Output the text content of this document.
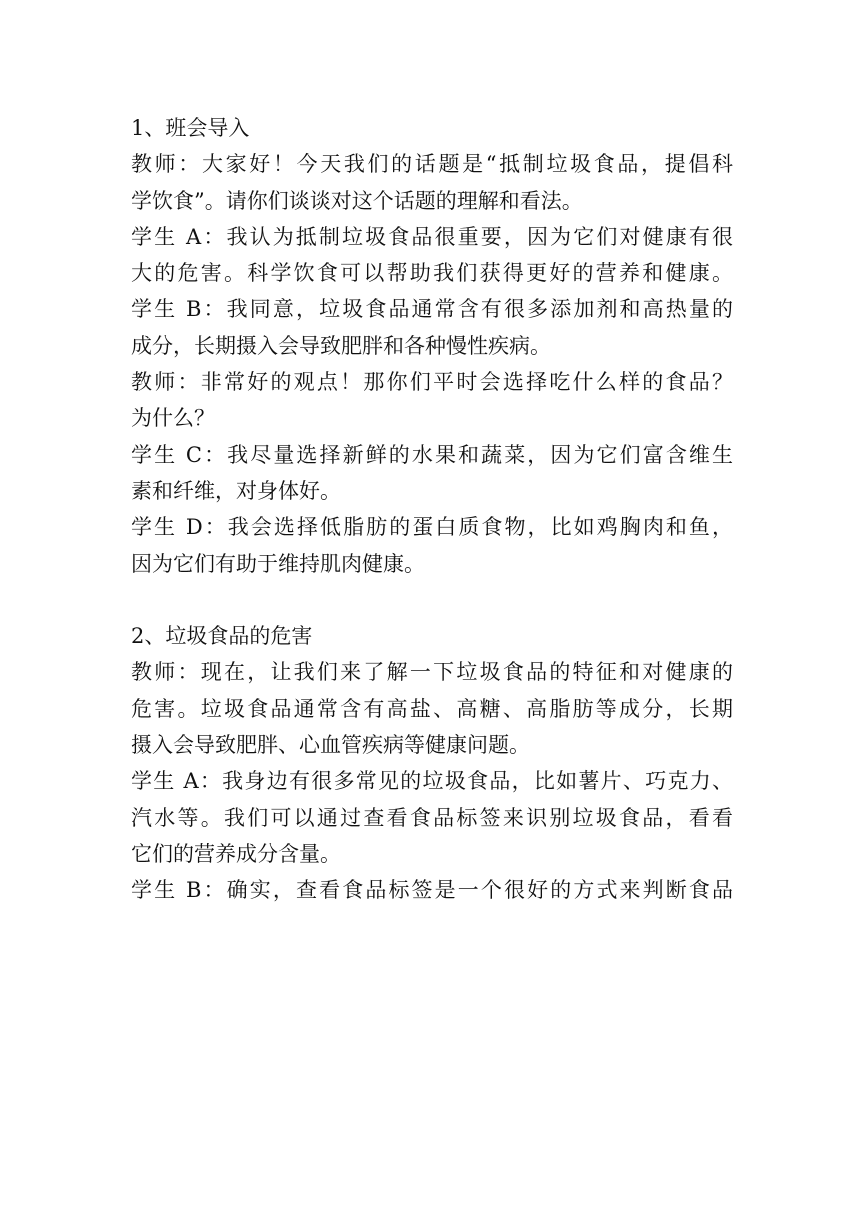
1、班会导入
教师：大家好！今天我们的话题是“抵制垃圾食品，提倡科
学饮食”。请你们谈谈对这个话题的理解和看法。
学生 A：我认为抵制垃圾食品很重要，因为它们对健康有很
大的危害。科学饮食可以帮助我们获得更好的营养和健康。
学生 B：我同意，垃圾食品通常含有很多添加剂和高热量的
成分，长期摄入会导致肥胖和各种慢性疾病。
教师：非常好的观点！那你们平时会选择吃什么样的食品？
为什么？
学生 C：我尽量选择新鲜的水果和蔬菜，因为它们富含维生
素和纤维，对身体好。
学生 D：我会选择低脂肪的蛋白质食物，比如鸡胸肉和鱼，
因为它们有助于维持肌肉健康。
2、垃圾食品的危害
教师：现在，让我们来了解一下垃圾食品的特征和对健康的
危害。垃圾食品通常含有高盐、高糖、高脂肪等成分，长期
摄入会导致肥胖、心血管疾病等健康问题。
学生 A：我身边有很多常见的垃圾食品，比如薯片、巧克力、
汽水等。我们可以通过查看食品标签来识别垃圾食品，看看
它们的营养成分含量。
学生 B：确实，查看食品标签是一个很好的方式来判断食品
